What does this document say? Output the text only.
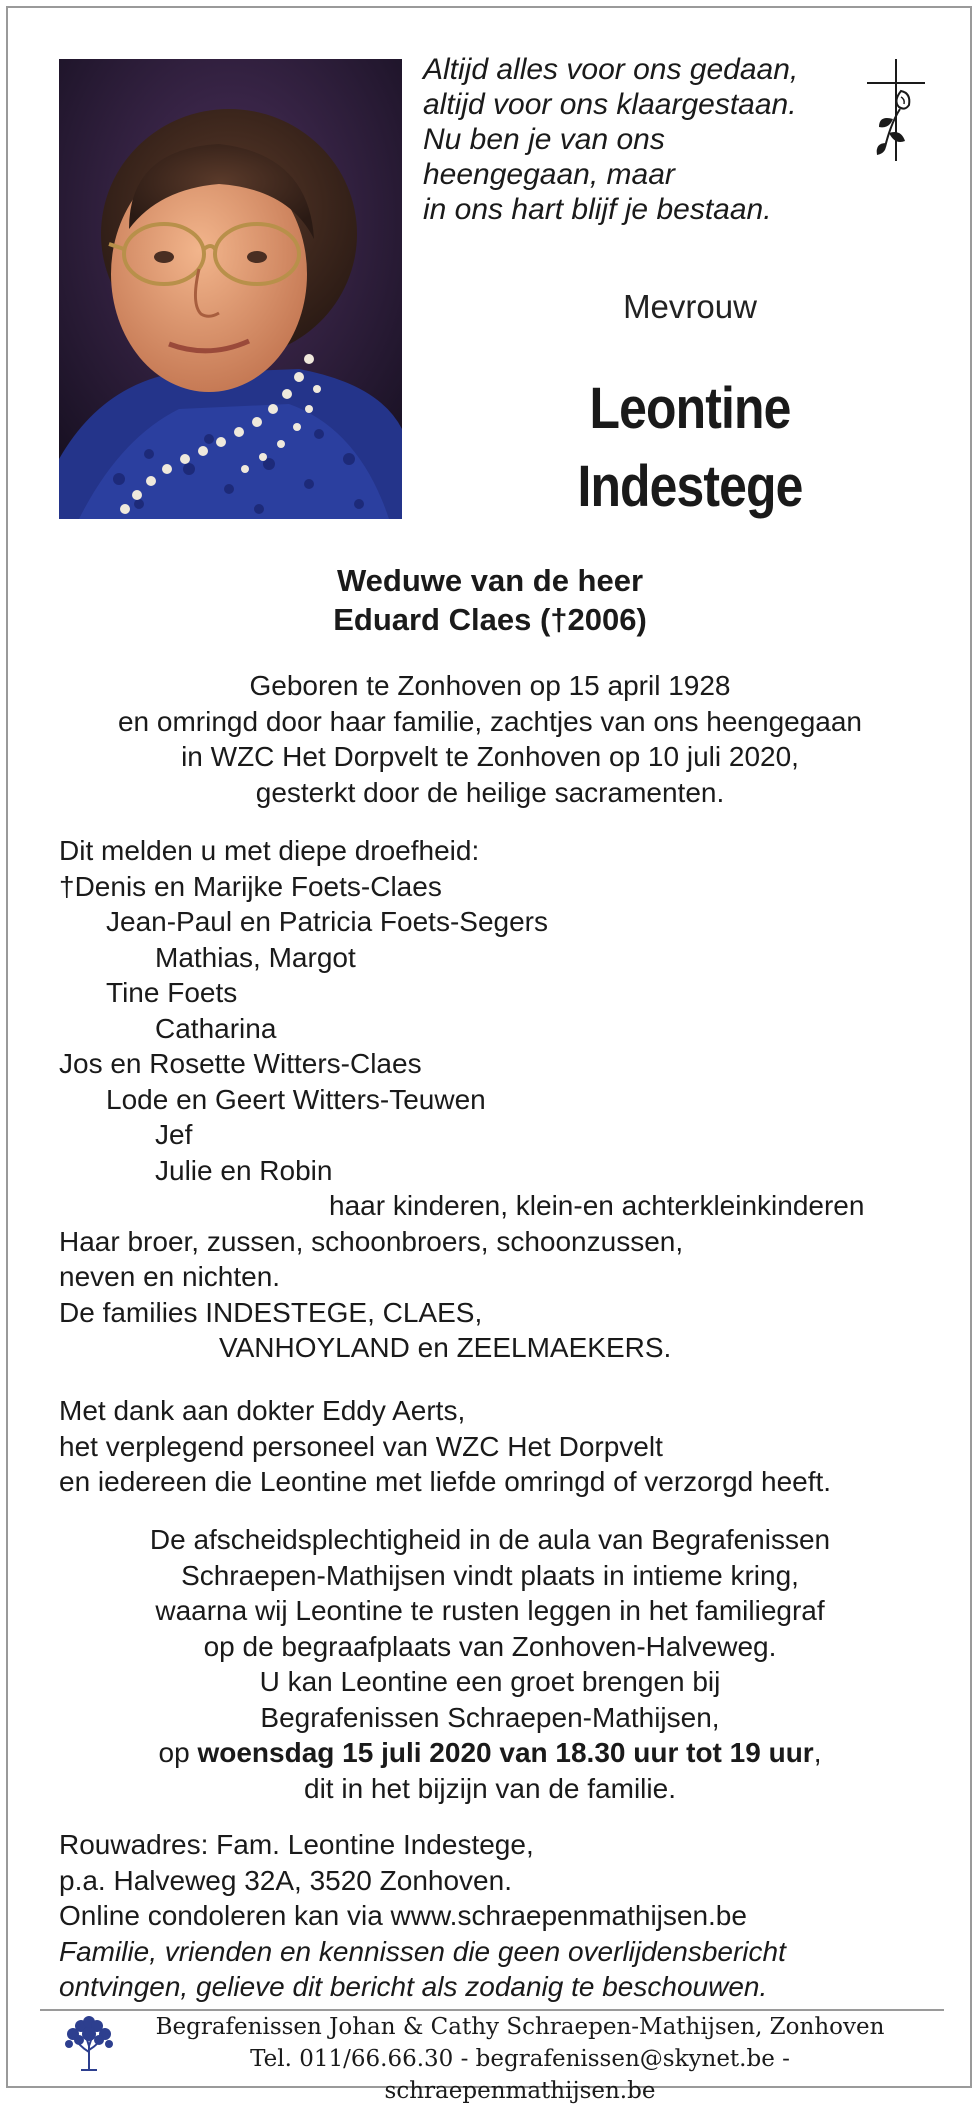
Altijd alles voor ons gedaan,
altijd voor ons klaargestaan.
Nu ben je van ons
heengegaan, maar
in ons hart blijf je bestaan.
Mevrouw
Leontine
Indestege
Weduwe van de heer
Eduard Claes (†2006)
Geboren te Zonhoven op 15 april 1928
en omringd door haar familie, zachtjes van ons heengegaan
in WZC Het Dorpvelt te Zonhoven op 10 juli 2020,
gesterkt door de heilige sacramenten.
Dit melden u met diepe droefheid:
†Denis en Marijke Foets-Claes
Jean-Paul en Patricia Foets-Segers
Mathias, Margot
Tine Foets
Catharina
Jos en Rosette Witters-Claes
Lode en Geert Witters-Teuwen
Jef
Julie en Robin
haar kinderen, klein-en achterkleinkinderen
Haar broer, zussen, schoonbroers, schoonzussen,
neven en nichten.
De families INDESTEGE, CLAES,
VANHOYLAND en ZEELMAEKERS.
Met dank aan dokter Eddy Aerts,
het verplegend personeel van WZC Het Dorpvelt
en iedereen die Leontine met liefde omringd of verzorgd heeft.
De afscheidsplechtigheid in de aula van Begrafenissen
Schraepen-Mathijsen vindt plaats in intieme kring,
waarna wij Leontine te rusten leggen in het familiegraf
op de begraafplaats van Zonhoven-Halveweg.
U kan Leontine een groet brengen bij
Begrafenissen Schraepen-Mathijsen,
op woensdag 15 juli 2020 van 18.30 uur tot 19 uur,
dit in het bijzijn van de familie.
Rouwadres: Fam. Leontine Indestege,
p.a. Halveweg 32A, 3520 Zonhoven.
Online condoleren kan via www.schraepenmathijsen.be
Familie, vrienden en kennissen die geen overlijdensbericht
ontvingen, gelieve dit bericht als zodanig te beschouwen.
Begrafenissen Johan & Cathy Schraepen-Mathijsen, Zonhoven
Tel. 011/66.66.30 - begrafenissen@skynet.be - schraepenmathijsen.be
